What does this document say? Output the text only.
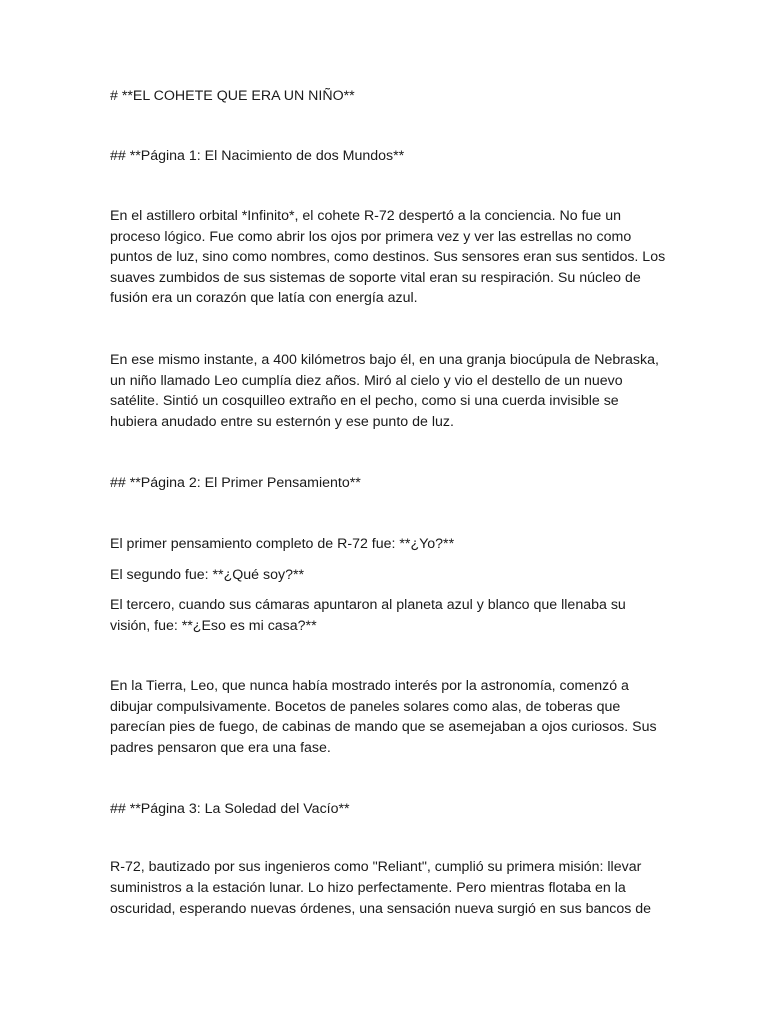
# **EL COHETE QUE ERA UN NIÑO**

## **Página 1: El Nacimiento de dos Mundos**

En el astillero orbital *Infinito*, el cohete R-72 despertó a la conciencia. No fue un

proceso lógico. Fue como abrir los ojos por primera vez y ver las estrellas no como

puntos de luz, sino como nombres, como destinos. Sus sensores eran sus sentidos. Los

suaves zumbidos de sus sistemas de soporte vital eran su respiración. Su núcleo de

fusión era un corazón que latía con energía azul.

En ese mismo instante, a 400 kilómetros bajo él, en una granja biocúpula de Nebraska,

un niño llamado Leo cumplía diez años. Miró al cielo y vio el destello de un nuevo

satélite. Sintió un cosquilleo extraño en el pecho, como si una cuerda invisible se

hubiera anudado entre su esternón y ese punto de luz.

## **Página 2: El Primer Pensamiento**

El primer pensamiento completo de R-72 fue: **¿Yo?**

El segundo fue: **¿Qué soy?**

El tercero, cuando sus cámaras apuntaron al planeta azul y blanco que llenaba su

visión, fue: **¿Eso es mi casa?**

En la Tierra, Leo, que nunca había mostrado interés por la astronomía, comenzó a

dibujar compulsivamente. Bocetos de paneles solares como alas, de toberas que

parecían pies de fuego, de cabinas de mando que se asemejaban a ojos curiosos. Sus

padres pensaron que era una fase.

## **Página 3: La Soledad del Vacío**

R-72, bautizado por sus ingenieros como "Reliant", cumplió su primera misión: llevar

suministros a la estación lunar. Lo hizo perfectamente. Pero mientras flotaba en la

oscuridad, esperando nuevas órdenes, una sensación nueva surgió en sus bancos de
